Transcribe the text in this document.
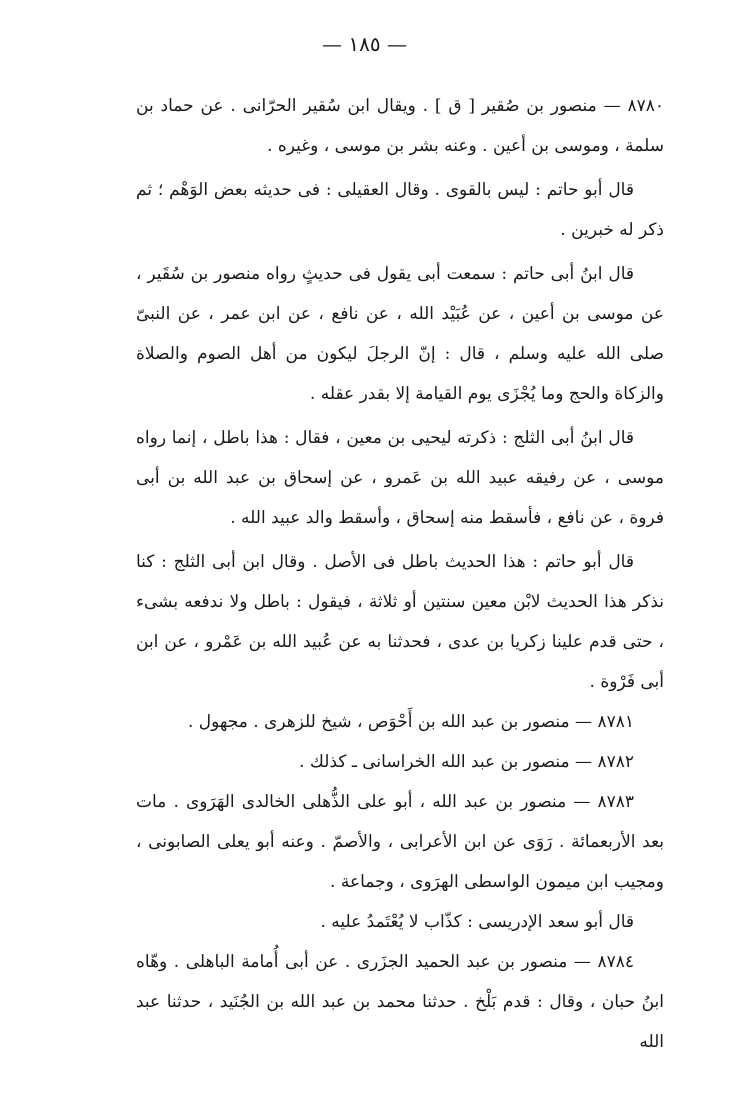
— ١٨٥ —

٨٧٨٠ — منصور بن صُقير [ ق ] . ويقال ابن سُقير الحرّانى . عن حماد بن سلمة ، وموسى بن أعين . وعنه بشر بن موسى ، وغيره .

قال أبو حاتم : ليس بالقوى . وقال العقيلى : فى حديثه بعض الوَهْم ؛ ثم ذكر له خبرين .

قال ابنُ أبى حاتم : سمعت أبى يقول فى حديثٍ رواه منصور بن سُقَير ، عن موسى بن أعين ، عن عُبَيْد الله ، عن نافع ، عن ابن عمر ، عن النبىّ صلى الله عليه وسلم ، قال : إنّ الرجلَ ليكون من أهل الصوم والصلاة والزكاة والحج وما يُجْزَى يوم القيامة إلا بقدر عقله .

قال ابنُ أبى الثلج : ذكرته ليحيى بن معين ، فقال : هذا باطل ، إنما رواه موسى ، عن رفيقه عبيد الله بن عَمرو ، عن إسحاق بن عبد الله بن أبى فروة ، عن نافع ، فأسقط منه إسحاق ، وأسقط والد عبيد الله .

قال أبو حاتم : هذا الحديث باطل فى الأصل . وقال ابن أبى الثلج : كنا نذكر هذا الحديث لابْن معين سنتين أو ثلاثة ، فيقول : باطل ولا ندفعه بشىء ، حتى قدم علينا زكريا بن عدى ، فحدثنا به عن عُبيد الله بن عَمْرو ، عن ابن أبى فَرْوة .

٨٧٨١ — منصور بن عبد الله بن أَحْوَص ، شيخ للزهرى . مجهول .

٨٧٨٢ — منصور بن عبد الله الخراسانى ـ كذلك .

٨٧٨٣ — منصور بن عبد الله ، أبو على الذُّهلى الخالدى الهَرَوى . مات بعد الأربعمائة . رَوَى عن ابن الأعرابى ، والأصمّ . وعنه أبو يعلى الصابونى ، ومجيب ابن ميمون الواسطى الهرَوى ، وجماعة .

قال أبو سعد الإدريسى : كذّاب لا يُعْتَمدُ عليه .

٨٧٨٤ — منصور بن عبد الحميد الجزَرى . عن أبى أُمامة الباهلى . وهّاه ابنُ حبان ، وقال : قدم بَلْخ . حدثنا محمد بن عبد الله بن الجُنَيد ، حدثنا عبد الله
